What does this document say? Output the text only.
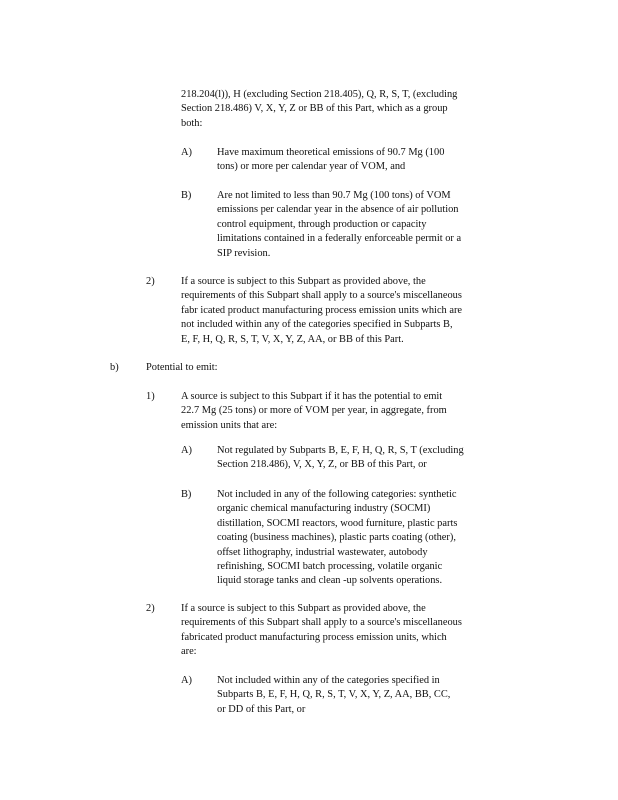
218.204(l)), H (excluding Section 218.405), Q, R, S, T, (excluding
Section 218.486) V, X, Y, Z or BB of this Part, which as a group
both:
A) Have maximum theoretical emissions of 90.7 Mg (100
tons) or more per calendar year of VOM, and
B) Are not limited to less than 90.7 Mg (100 tons) of VOM
emissions per calendar year in the absence of air pollution
control equipment, through production or capacity
limitations contained in a federally enforceable permit or a
SIP revision.
2)	If a source is subject to this Subpart as provided above, the
requirements of this Subpart shall apply to a source's miscellaneous
fabr icated product manufacturing process emission units which are
not included within any of the categories specified in Subparts B,
E, F, H, Q, R, S, T, V, X, Y, Z, AA, or BB of this Part.
b)	Potential to emit:
1)	A source is subject to this Subpart if it has the potential to emit
22.7 Mg (25 tons) or more of VOM per year, in aggregate, from
emission units that are:
A) Not regulated by Subparts B, E, F, H, Q, R, S, T (excluding
Section 218.486), V, X, Y, Z, or BB of this Part, or
B) Not included in any of the following categories: synthetic
organic chemical manufacturing industry (SOCMI)
distillation, SOCMI reactors, wood furniture, plastic parts
coating (business machines), plastic parts coating (other),
offset lithography, industrial wastewater, autobody
refinishing, SOCMI batch processing, volatile organic
liquid storage tanks and clean -up solvents operations.
2)	If a source is subject to this Subpart as provided above, the
requirements of this Subpart shall apply to a source's miscellaneous
fabricated product manufacturing process emission units, which
are:
A) Not included within any of the categories specified in
Subparts B, E, F, H, Q, R, S, T, V, X, Y, Z, AA, BB, CC,
or DD of this Part, or
